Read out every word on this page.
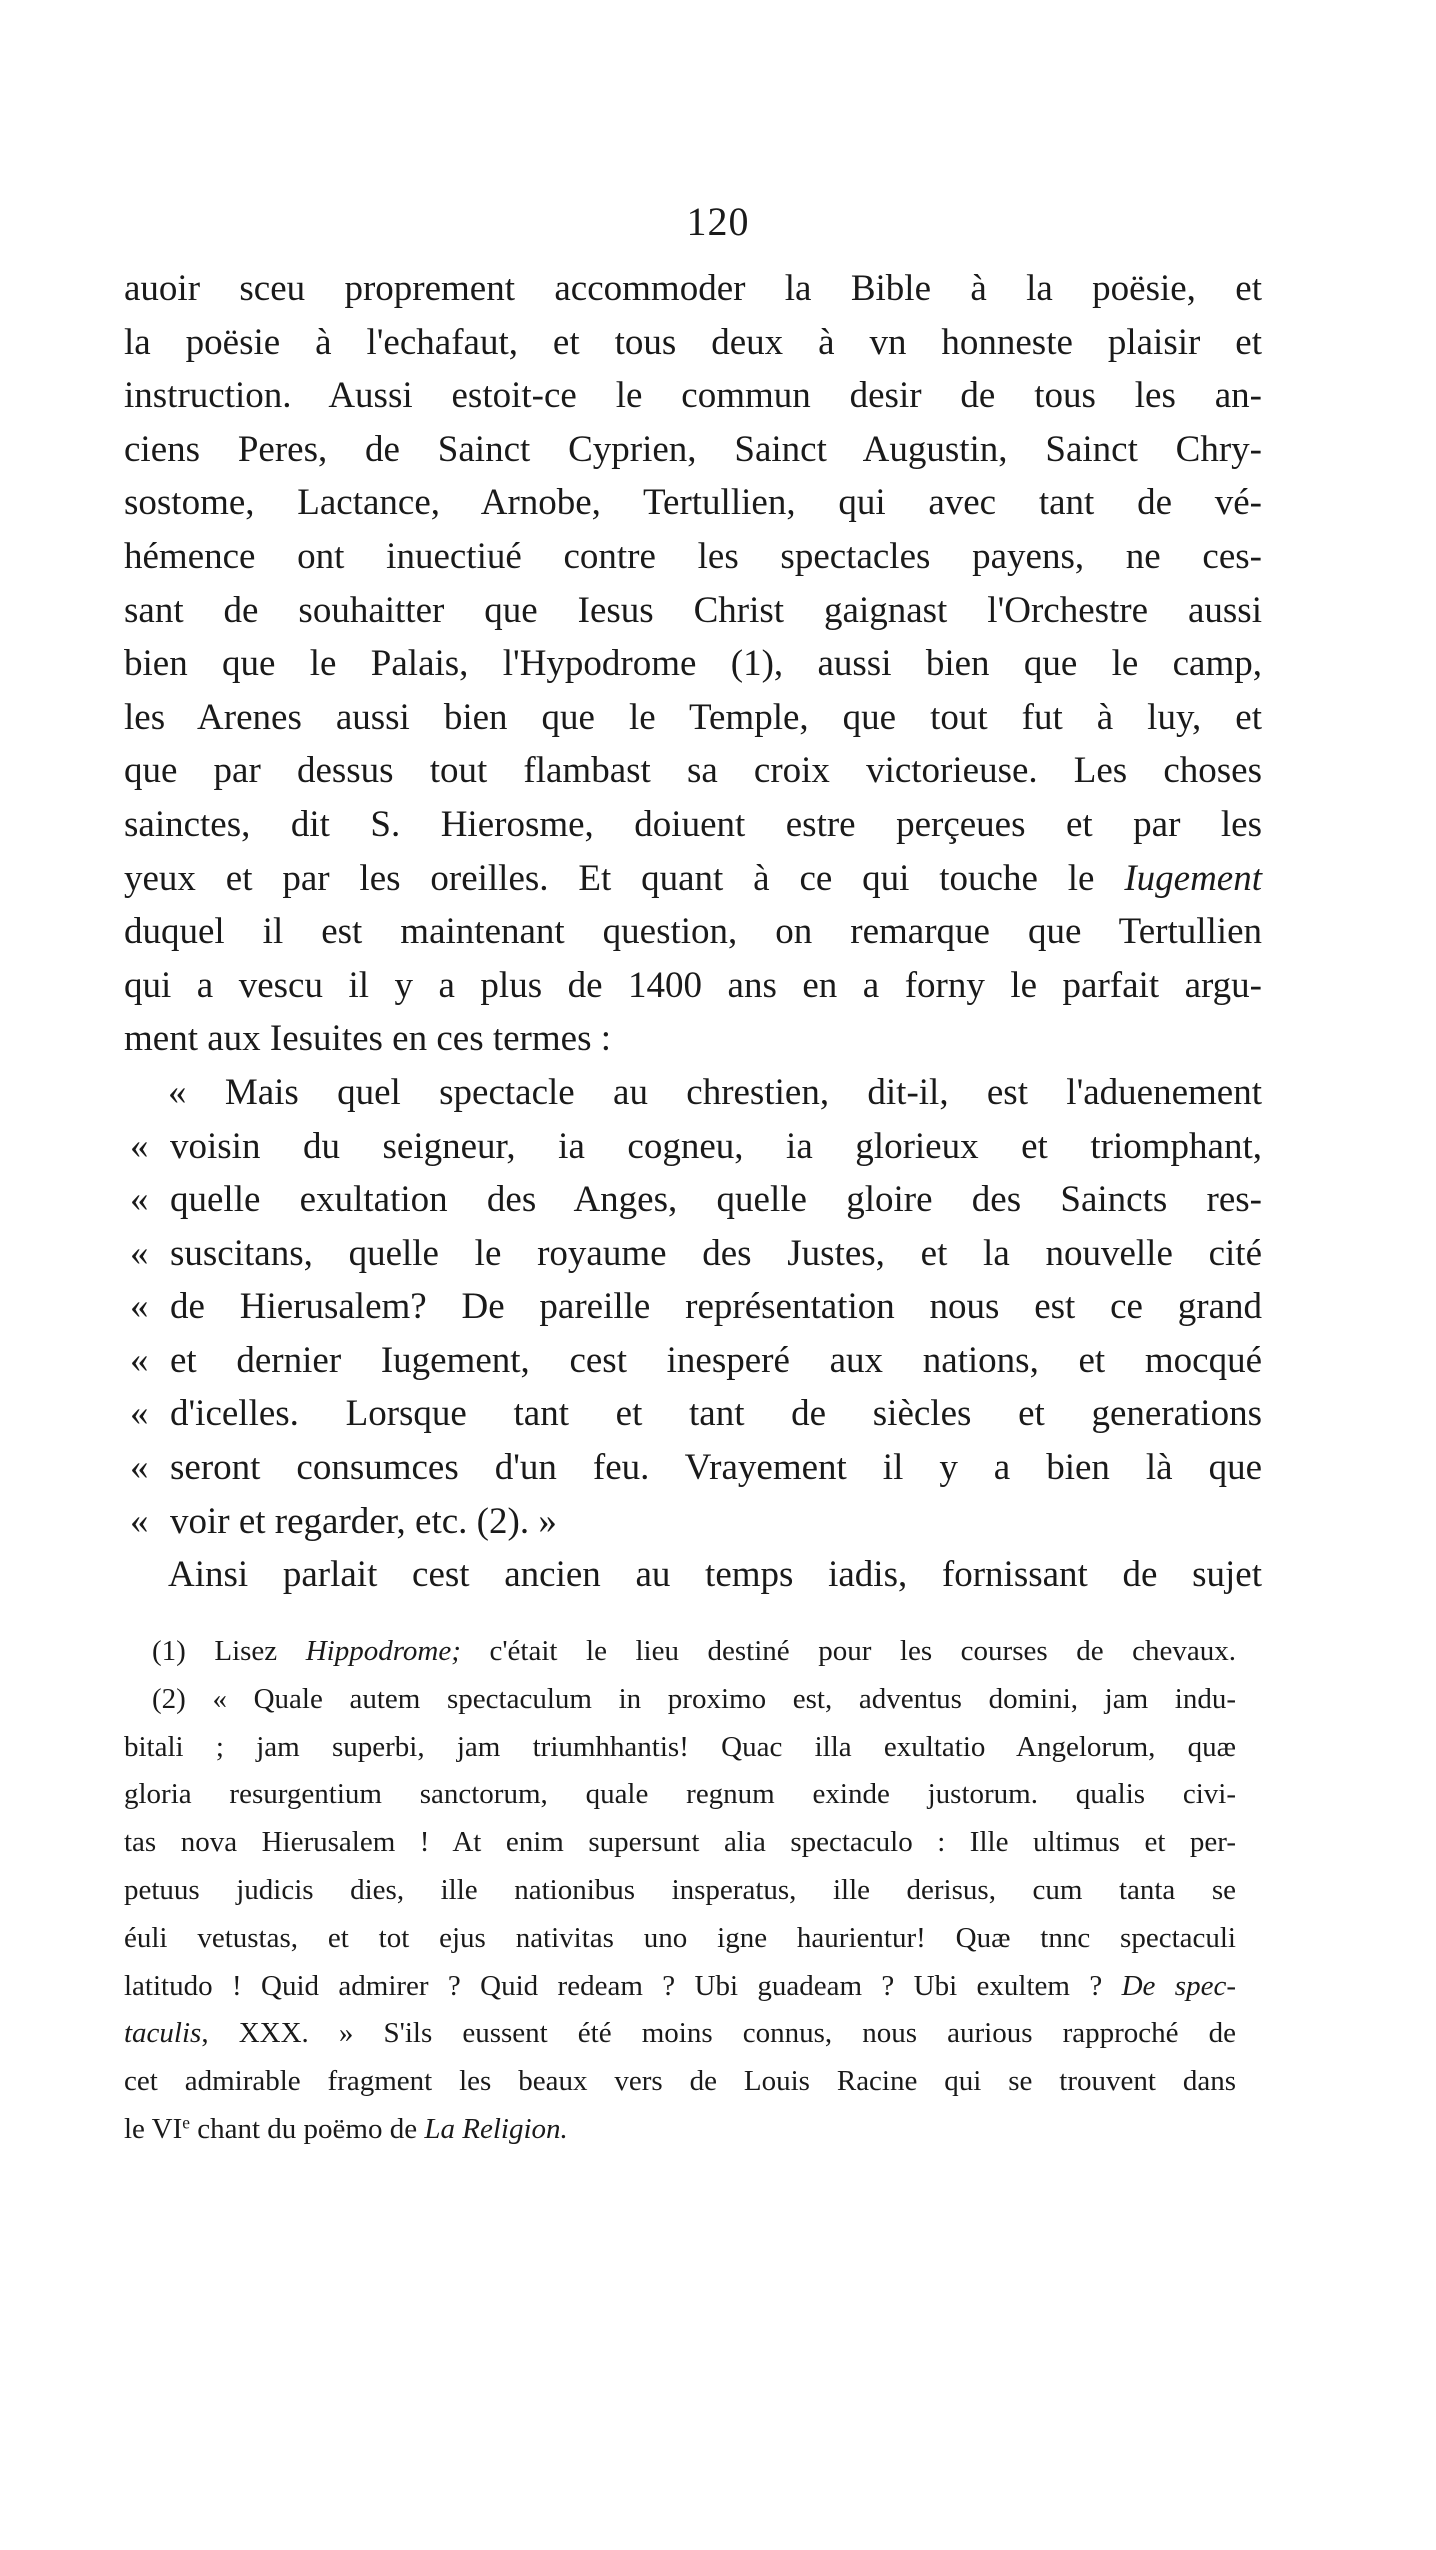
120
auoir sceu proprement accommoder la Bible à la poësie, et
la poësie à l'echafaut, et tous deux à vn honneste plaisir et
instruction. Aussi estoit-ce le commun desir de tous les an-
ciens Peres, de Sainct Cyprien, Sainct Augustin, Sainct Chry-
sostome, Lactance, Arnobe, Tertullien, qui avec tant de vé-
hémence ont inuectiué contre les spectacles payens, ne ces-
sant de souhaitter que Iesus Christ gaignast l'Orchestre aussi
bien que le Palais, l'Hypodrome (1), aussi bien que le camp,
les Arenes aussi bien que le Temple, que tout fut à luy, et
que par dessus tout flambast sa croix victorieuse. Les choses
sainctes, dit S. Hierosme, doiuent estre perçeues et par les
yeux et par les oreilles. Et quant à ce qui touche le Iugement
duquel il est maintenant question, on remarque que Tertullien
qui a vescu il y a plus de 1400 ans en a forny le parfait argu-
ment aux Iesuites en ces termes :
« Mais quel spectacle au chrestien, dit-il, est l'aduenement
« voisin du seigneur, ia cogneu, ia glorieux et triomphant,
« quelle exultation des Anges, quelle gloire des Saincts res-
« suscitans, quelle le royaume des Justes, et la nouvelle cité
« de Hierusalem? De pareille représentation nous est ce grand
« et dernier Iugement, cest inesperé aux nations, et mocqué
« d'icelles. Lorsque tant et tant de siècles et generations
« seront consumces d'un feu. Vrayement il y a bien là que
« voir et regarder, etc. (2). »
Ainsi parlait cest ancien au temps iadis, fornissant de sujet
(1) Lisez Hippodrome; c'était le lieu destiné pour les courses de chevaux.
(2) « Quale autem spectaculum in proximo est, adventus domini, jam indu-
bitali ; jam superbi, jam triumhhantis! Quac illa exultatio Angelorum, quæ
gloria resurgentium sanctorum, quale regnum exinde justorum. qualis civi-
tas nova Hierusalem ! At enim supersunt alia spectaculo : Ille ultimus et per-
petuus judicis dies, ille nationibus insperatus, ille derisus, cum tanta se
éuli vetustas, et tot ejus nativitas uno igne haurientur! Quæ tnnc spectaculi
latitudo ! Quid admirer ? Quid redeam ? Ubi guadeam ? Ubi exultem ? De spec-
taculis, XXX. » S'ils eussent été moins connus, nous aurious rapproché de
cet admirable fragment les beaux vers de Louis Racine qui se trouvent dans
le VIe chant du poëmo de La Religion.
